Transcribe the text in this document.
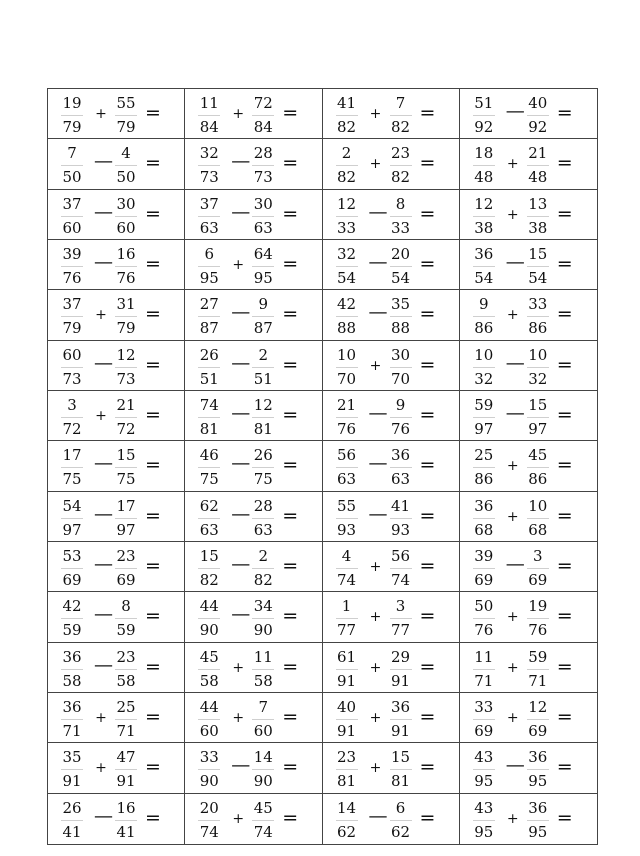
19
79
+
55
79
=	11
84
+
72
84
=	41
82
+
7
82
=	51
92
— 40
92
=
7
50
— 4
50
=	32
73
— 28
73
=	2
82
+
23
82
=	18
48
+
21
48
=
37
60
— 30
60
=	37
63
— 30
63
=	12
33
— 8
33
=	12
38
+
13
38
=
39
76
— 16
76
=	6
95
+
64
95
=	32
54
— 20
54
=	36
54
— 15
54
=
37
79
+
31
79
=	27
87
— 9
87
=	42
88
— 35
88
=	9
86
+
33
86
=
60
73
— 12
73
=	26
51
— 2
51
=	10
70
+
30
70
=	10
32
— 10
32
=
3
72
+
21
72
=	74
81
— 12
81
=	21
76
— 9
76
=	59
97
— 15
97
=
17
75
— 15
75
=	46
75
— 26
75
=	56
63
— 36
63
=	25
86
+
45
86
=
54
97
— 17
97
=	62
63
— 28
63
=	55
93
— 41
93
=	36
68
+
10
68
=
53
69
— 23
69
=	15
82
— 2
82
=	4
74
+
56
74
=	39
69
— 3
69
=
42
59
— 8
59
=	44
90
— 34
90
=	1
77
+
3
77
=	50
76
+
19
76
=
36
58
— 23
58
=	45
58
+
11
58
=	61
91
+
29
91
=	11
71
+
59
71
=
36
71
+
25
71
=	44
60
+
7
60
=	40
91
+
36
91
=	33
69
+
12
69
=
35
91
+
47
91
=	33
90
— 14
90
=	23
81
+
15
81
=	43
95
— 36
95
=
26
41
— 16
41
=	20
74
+
45
74
=	14
62
— 6
62
=	43
95
+
36
95
=
